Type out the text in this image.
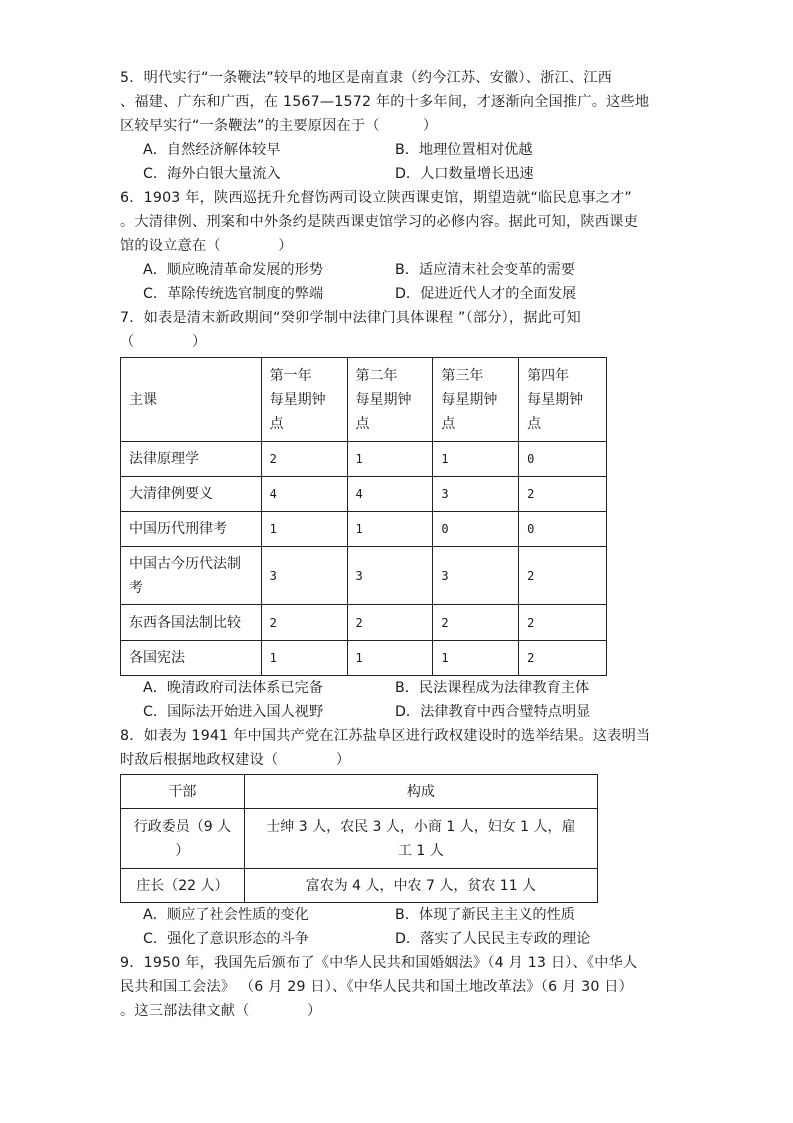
5．明代实行“一条鞭法”较早的地区是南直隶（约今江苏、安徽）、浙江、江西
、福建、广东和广西，在 1567—1572 年的十多年间，才逐渐向全国推广。这些地
区较早实行“一条鞭法”的主要原因在于（　　　）
A．自然经济解体较早	B．地理位置相对优越
C．海外白银大量流入	D．人口数量增长迅速
6．1903 年，陕西巡抚升允督饬两司设立陕西课吏馆，期望造就“临民息事之才”
。大清律例、刑案和中外条约是陕西课吏馆学习的必修内容。据此可知，陕西课吏
馆的设立意在（　　　　）
A．顺应晚清革命发展的形势	B．适应清末社会变革的需要
C．革除传统选官制度的弊端	D．促进近代人才的全面发展
7．如表是清末新政期间“癸卯学制中法律门具体课程 ”（部分），据此可知
（　　　　）
主课	第一年
每星期钟
点	第二年
每星期钟
点	第三年
每星期钟
点	第四年
每星期钟
点
法律原理学	2	1	1	0
大清律例要义	4	4	3	2
中国历代刑律考	1	1	0	0
中国古今历代法制
考	3	3	3	2
东西各国法制比较	2	2	2	2
各国宪法	1	1	1	2
A．晚清政府司法体系已完备	B．民法课程成为法律教育主体
C．国际法开始进入国人视野	D．法律教育中西合璧特点明显
8．如表为 1941 年中国共产党在江苏盐阜区进行政权建设时的选举结果。这表明当
时敌后根据地政权建设（　　　　）
干部	构成
行政委员（9 人
）	士绅 3 人，农民 3 人，小商 1 人，妇女 1 人，雇
工 1 人
庄长（22 人）	富农为 4 人，中农 7 人，贫农 11 人
A．顺应了社会性质的变化	B．体现了新民主主义的性质
C．强化了意识形态的斗争	D．落实了人民民主专政的理论
9．1950 年，我国先后颁布了《中华人民共和国婚姻法》（4 月 13 日）、《中华人
民共和国工会法》 （6 月 29 日）、《中华人民共和国土地改革法》（6 月 30 日）
。这三部法律文献（　　　　）
